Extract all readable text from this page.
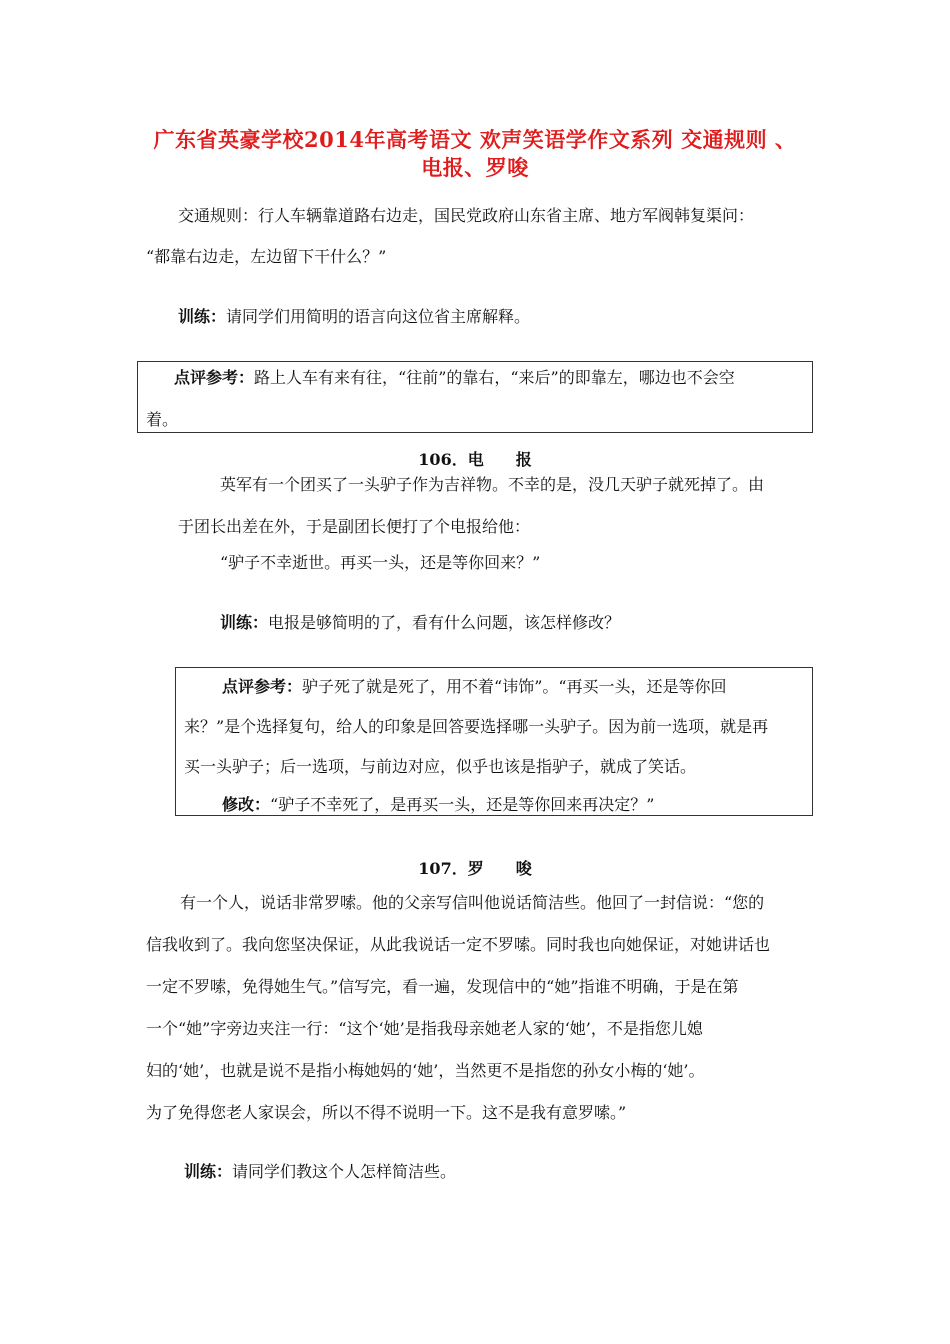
广东省英豪学校2014年高考语文 欢声笑语学作文系列 交通规则 、
电报、罗唆
交通规则：行人车辆靠道路右边走，国民党政府山东省主席、地方军阀韩复渠问：
“都靠右边走，左边留下干什么？”
训练：请同学们用简明的语言向这位省主席解释。
点评参考：路上人车有来有往，“往前”的靠右，“来后”的即靠左，哪边也不会空
着。
106．电　　报
英军有一个团买了一头驴子作为吉祥物。不幸的是，没几天驴子就死掉了。由
于团长出差在外，于是副团长便打了个电报给他：
“驴子不幸逝世。再买一头，还是等你回来？”
训练：电报是够简明的了，看有什么问题，该怎样修改？
点评参考：驴子死了就是死了，用不着“讳饰”。“再买一头，还是等你回
来？”是个选择复句，给人的印象是回答要选择哪一头驴子。因为前一选项，就是再
买一头驴子；后一选项，与前边对应，似乎也该是指驴子，就成了笑话。
修改：“驴子不幸死了，是再买一头，还是等你回来再决定？”
107．罗　　唆
有一个人，说话非常罗嗦。他的父亲写信叫他说话简洁些。他回了一封信说：“您的
信我收到了。我向您坚决保证，从此我说话一定不罗嗦。同时我也向她保证，对她讲话也
一定不罗嗦，免得她生气。”信写完，看一遍，发现信中的“她”指谁不明确，于是在第
一个“她”字旁边夹注一行：“这个‘她’是指我母亲她老人家的‘她’，不是指您儿媳
妇的‘她’，也就是说不是指小梅她妈的‘她’，当然更不是指您的孙女小梅的‘她’。
为了免得您老人家误会，所以不得不说明一下。这不是我有意罗嗦。”
训练：请同学们教这个人怎样简洁些。
